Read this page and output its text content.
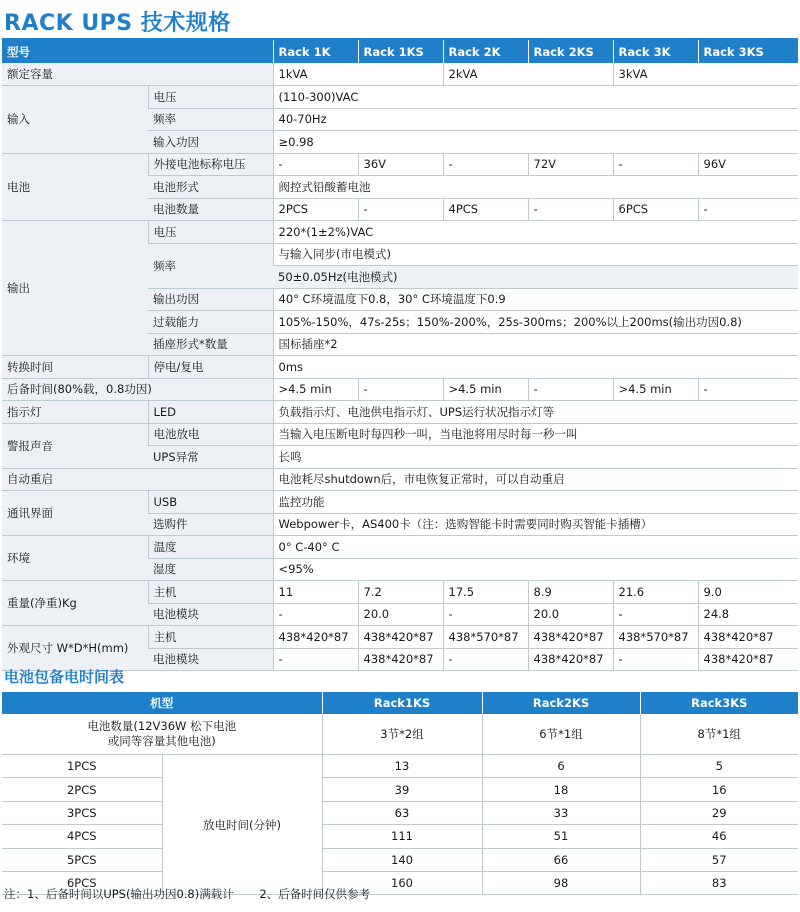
RACK UPS 技术规格
型号		Rack 1K	Rack 1KS	Rack 2K	Rack 2KS	Rack 3K	Rack 3KS
额定容量		1kVA		2kVA		3kVA	
输入	电压	(110-300)VAC					
	频率	40-70Hz					
	输入功因	≥0.98					
电池	外接电池标称电压	-	36V	-	72V	-	96V
	电池形式	阀控式铅酸蓄电池					
	电池数量	2PCS	-	4PCS	-	6PCS	-
输出	电压	220*(1±2%)VAC					
	频率	与输入同步(市电模式)					
		50±0.05Hz(电池模式)					
	输出功因	40° C环境温度下0.8，30° C环境温度下0.9					
	过载能力	105%-150%，47s-25s；150%-200%，25s-300ms；200%以上200ms(输出功因0.8)					
	插座形式*数量	国标插座*2					
转换时间	停电/复电	0ms					
后备时间(80%载，0.8功因)		>4.5 min	-	>4.5 min	-	>4.5 min	-
指示灯	LED	负载指示灯、电池供电指示灯、UPS运行状况指示灯等					
警报声音	电池放电	当输入电压断电时每四秒一叫，当电池将用尽时每一秒一叫					
	UPS异常	长鸣					
自动重启		电池耗尽shutdown后，市电恢复正常时，可以自动重启					
通讯界面	USB	监控功能					
	选购件	Webpower卡，AS400卡（注：选购智能卡时需要同时购买智能卡插槽）					
环境	温度	0° C-40° C					
	湿度	<95%					
重量(净重)Kg	主机	11	7.2	17.5	8.9	21.6	9.0
	电池模块	-	20.0	-	20.0	-	24.8
外观尺寸 W*D*H(mm)	主机	438*420*87	438*420*87	438*570*87	438*420*87	438*570*87	438*420*87
	电池模块	-	438*420*87	-	438*420*87	-	438*420*87
电池包备电时间表
机型		Rack1KS	Rack2KS	Rack3KS

电池数量(12V36W 松下电池
或同等容量其他电池)		3节*2组	6节*1组	8节*1组
1PCS	放电时间(分钟)	13	6	5
2PCS		39	18	16
3PCS		63	33	29
4PCS		111	51	46
5PCS		140	66	57
6PCS		160	98	83
注：1、后备时间以UPS(输出功因0.8)满载计       2、后备时间仅供参考
